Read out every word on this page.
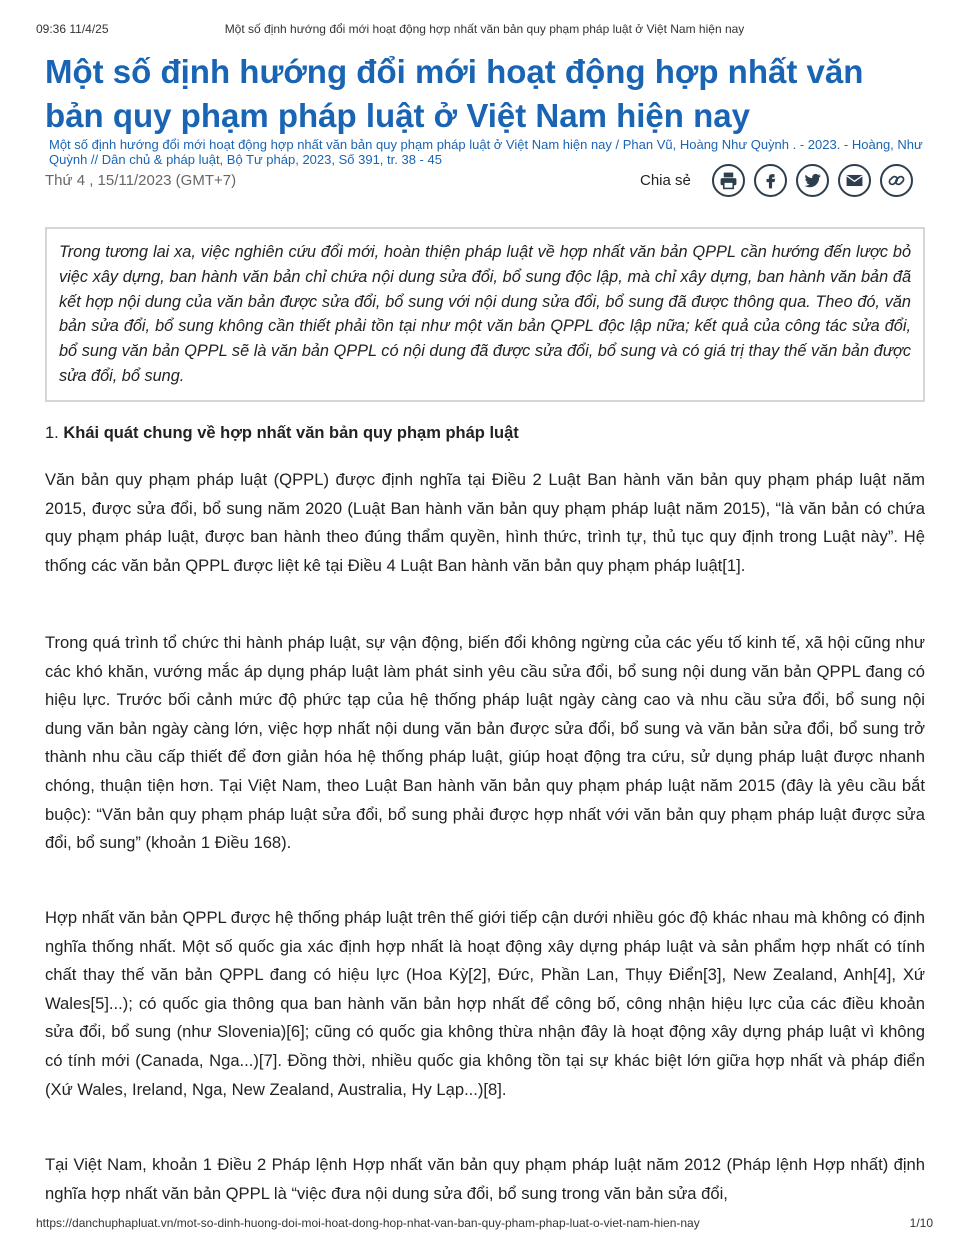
09:36 11/4/25	Một số định hướng đổi mới hoạt động hợp nhất văn bản quy phạm pháp luật ở Việt Nam hiện nay
Một số định hướng đổi mới hoạt động hợp nhất văn bản quy phạm pháp luật ở Việt Nam hiện nay
Một số định hướng đổi mới hoạt động hợp nhất văn bản quy phạm pháp luật ở Việt Nam hiện nay / Phan Vũ, Hoàng Như Quỳnh . - 2023. - Hoàng, Như Quỳnh // Dân chủ & pháp luật, Bộ Tư pháp, 2023, Số 391, tr. 38 - 45
Thứ 4 , 15/11/2023 (GMT+7)	Chia sẻ
Trong tương lai xa, việc nghiên cứu đổi mới, hoàn thiện pháp luật về hợp nhất văn bản QPPL cần hướng đến lược bỏ việc xây dựng, ban hành văn bản chỉ chứa nội dung sửa đổi, bổ sung độc lập, mà chỉ xây dựng, ban hành văn bản đã kết hợp nội dung của văn bản được sửa đổi, bổ sung với nội dung sửa đổi, bổ sung đã được thông qua. Theo đó, văn bản sửa đổi, bổ sung không cần thiết phải tồn tại như một văn bản QPPL độc lập nữa; kết quả của công tác sửa đổi, bổ sung văn bản QPPL sẽ là văn bản QPPL có nội dung đã được sửa đổi, bổ sung và có giá trị thay thế văn bản được sửa đổi, bổ sung.
1. Khái quát chung về hợp nhất văn bản quy phạm pháp luật

Văn bản quy phạm pháp luật (QPPL) được định nghĩa tại Điều 2 Luật Ban hành văn bản quy phạm pháp luật năm 2015, được sửa đổi, bổ sung năm 2020 (Luật Ban hành văn bản quy phạm pháp luật năm 2015), “là văn bản có chứa quy phạm pháp luật, được ban hành theo đúng thẩm quyền, hình thức, trình tự, thủ tục quy định trong Luật này”. Hệ thống các văn bản QPPL được liệt kê tại Điều 4 Luật Ban hành văn bản quy phạm pháp luật[1].

Trong quá trình tổ chức thi hành pháp luật, sự vận động, biến đổi không ngừng của các yếu tố kinh tế, xã hội cũng như các khó khăn, vướng mắc áp dụng pháp luật làm phát sinh yêu cầu sửa đổi, bổ sung nội dung văn bản QPPL đang có hiệu lực. Trước bối cảnh mức độ phức tạp của hệ thống pháp luật ngày càng cao và nhu cầu sửa đổi, bổ sung nội dung văn bản ngày càng lớn, việc hợp nhất nội dung văn bản được sửa đổi, bổ sung và văn bản sửa đổi, bổ sung trở thành nhu cầu cấp thiết để đơn giản hóa hệ thống pháp luật, giúp hoạt động tra cứu, sử dụng pháp luật được nhanh chóng, thuận tiện hơn. Tại Việt Nam, theo Luật Ban hành văn bản quy phạm pháp luật năm 2015 (đây là yêu cầu bắt buộc): “Văn bản quy phạm pháp luật sửa đổi, bổ sung phải được hợp nhất với văn bản quy phạm pháp luật được sửa đổi, bổ sung” (khoản 1 Điều 168).

Hợp nhất văn bản QPPL được hệ thống pháp luật trên thế giới tiếp cận dưới nhiều góc độ khác nhau mà không có định nghĩa thống nhất. Một số quốc gia xác định hợp nhất là hoạt động xây dựng pháp luật và sản phẩm hợp nhất có tính chất thay thế văn bản QPPL đang có hiệu lực (Hoa Kỳ[2], Đức, Phần Lan, Thụy Điển[3], New Zealand, Anh[4], Xứ Wales[5]...); có quốc gia thông qua ban hành văn bản hợp nhất để công bố, công nhận hiệu lực của các điều khoản sửa đổi, bổ sung (như Slovenia)[6]; cũng có quốc gia không thừa nhận đây là hoạt động xây dựng pháp luật vì không có tính mới (Canada, Nga...)[7]. Đồng thời, nhiều quốc gia không tồn tại sự khác biệt lớn giữa hợp nhất và pháp điển (Xứ Wales, Ireland, Nga, New Zealand, Australia, Hy Lạp...)[8].

Tại Việt Nam, khoản 1 Điều 2 Pháp lệnh Hợp nhất văn bản quy phạm pháp luật năm 2012 (Pháp lệnh Hợp nhất) định nghĩa hợp nhất văn bản QPPL là “việc đưa nội dung sửa đổi, bổ sung trong văn bản sửa đổi,

https://danchuphapluat.vn/mot-so-dinh-huong-doi-moi-hoat-dong-hop-nhat-van-ban-quy-pham-phap-luat-o-viet-nam-hien-nay	1/10
